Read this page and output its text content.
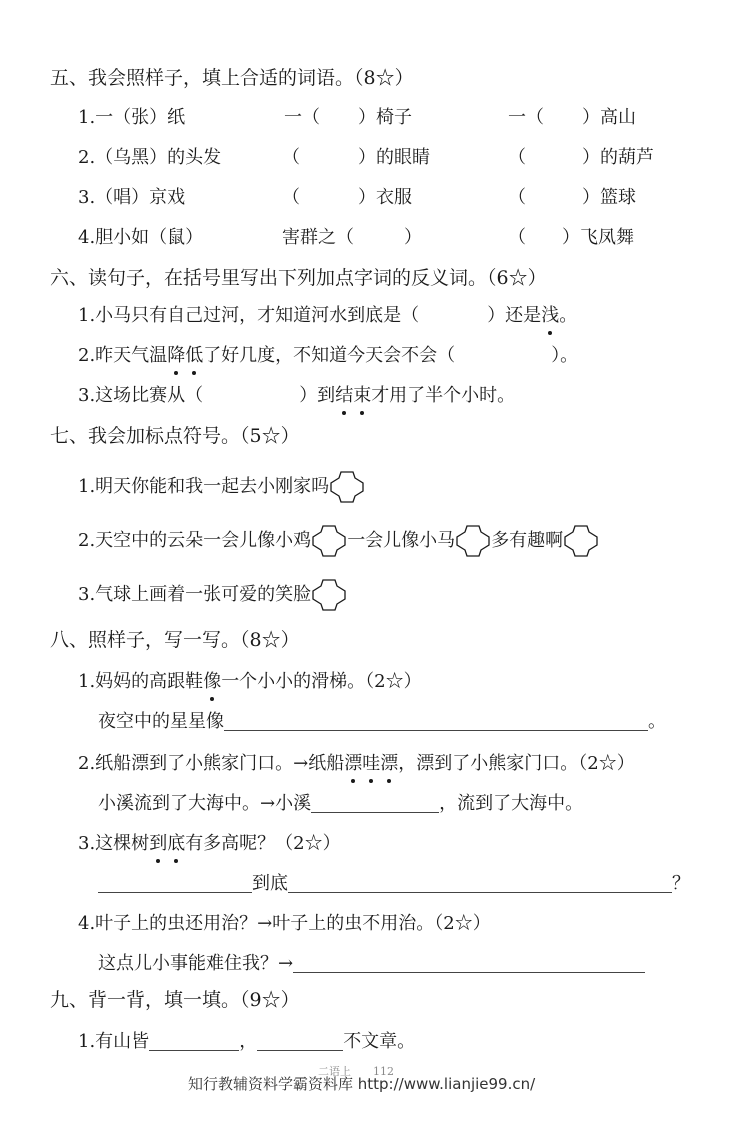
五、我会照样子，填上合适的词语。（8☆）
1.一（张）纸	一（ ）椅子	一（ ）高山
2.（乌黑）的头发	（	）的眼睛	（	）的葫芦
3.（唱）京戏	（	）衣服	（	）篮球
4.胆小如（鼠）	害群之（	）	（ ）飞凤舞
六、读句子，在括号里写出下列加点字词的反义词。（6☆）
1.小马只有自己过河，才知道河水到底是（	）还是浅。
2.昨天气温降低了好几度，不知道今天会不会（	）。
3.这场比赛从（	）到结束才用了半个小时。
七、我会加标点符号。（5☆）
1.明天你能和我一起去小刚家吗
2.天空中的云朵一会儿像小鸡 一会儿像小马 多有趣啊
3.气球上画着一张可爱的笑脸
八、照样子，写一写。（8☆）
1.妈妈的高跟鞋像一个小小的滑梯。（2☆）
夜空中的星星像	。
2.纸船漂到了小熊家门口。→纸船漂哇漂，漂到了小熊家门口。（2☆）
小溪流到了大海中。→小溪	，流到了大海中。
3.这棵树到底有多高呢？（2☆）
到底	？
4.叶子上的虫还用治？→叶子上的虫不用治。（2☆）
这点儿小事能难住我？→
九、背一背，填一填。（9☆）
1.有山皆	，	不文章。
二语上　　112
知行教辅资料学霸资料库 http://www.lianjie99.cn/
